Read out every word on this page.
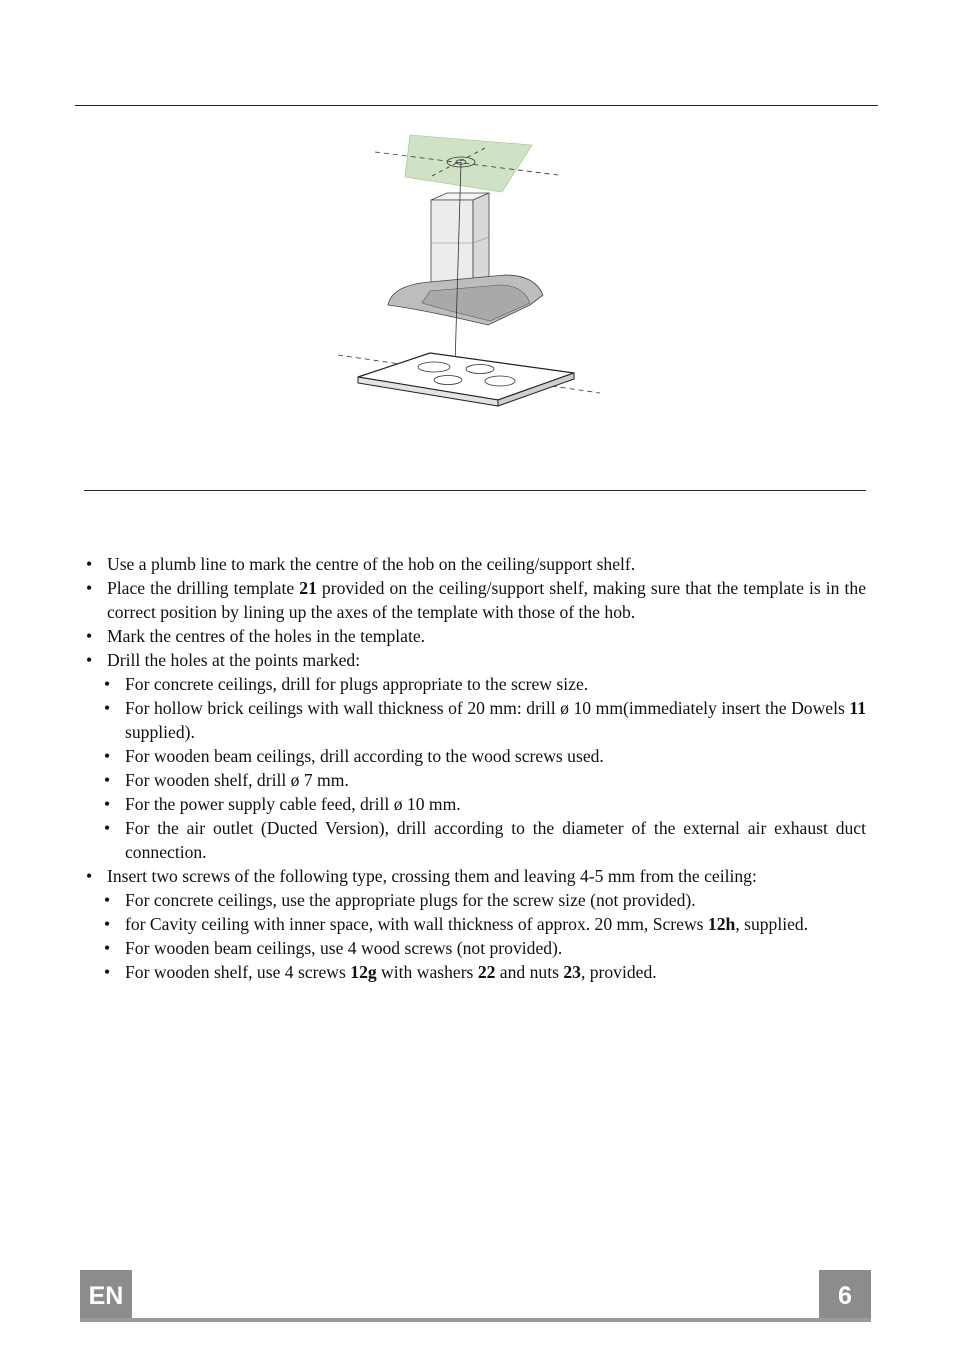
• Use a plumb line to mark the centre of the hob on the ceiling/support shelf.
• Place the drilling template 21 provided on the ceiling/support shelf, making sure that the template is in the correct position by lining up the axes of the template with those of the hob.
• Mark the centres of the holes in the template.
• Drill the holes at the points marked:
• For concrete ceilings, drill for plugs appropriate to the screw size.
• For hollow brick ceilings with wall thickness of 20 mm: drill ø 10 mm(immediately insert the Dowels 11 supplied).
• For wooden beam ceilings, drill according to the wood screws used.
• For wooden shelf, drill ø 7 mm.
• For the power supply cable feed, drill ø 10 mm.
• For the air outlet (Ducted Version), drill according to the diameter of the external air exhaust duct connection.
• Insert two screws of the following type, crossing them and leaving 4-5 mm from the ceiling:
• For concrete ceilings, use the appropriate plugs for the screw size (not provided).
• for Cavity ceiling with inner space, with wall thickness of approx. 20 mm, Screws 12h, supplied.
• For wooden beam ceilings, use 4 wood screws (not provided).
• For wooden shelf, use 4 screws 12g with washers 22 and nuts 23, provided.
EN	6
